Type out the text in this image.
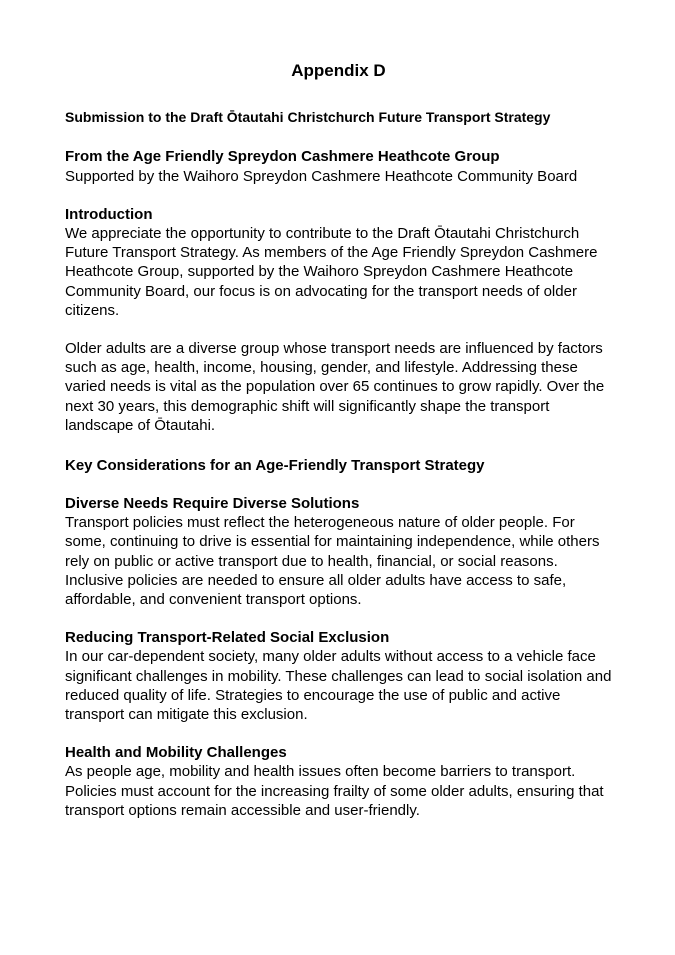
Appendix D
Submission to the Draft Ōtautahi Christchurch Future Transport Strategy

From the Age Friendly Spreydon Cashmere Heathcote Group

Supported by the Waihoro Spreydon Cashmere Heathcote Community Board

Introduction

We appreciate the opportunity to contribute to the Draft Ōtautahi Christchurch Future Transport Strategy. As members of the Age Friendly Spreydon Cashmere Heathcote Group, supported by the Waihoro Spreydon Cashmere Heathcote Community Board, our focus is on advocating for the transport needs of older citizens.

Older adults are a diverse group whose transport needs are influenced by factors such as age, health, income, housing, gender, and lifestyle. Addressing these varied needs is vital as the population over 65 continues to grow rapidly. Over the next 30 years, this demographic shift will significantly shape the transport landscape of Ōtautahi.

Key Considerations for an Age-Friendly Transport Strategy
Diverse Needs Require Diverse Solutions

Transport policies must reflect the heterogeneous nature of older people. For some, continuing to drive is essential for maintaining independence, while others rely on public or active transport due to health, financial, or social reasons. Inclusive policies are needed to ensure all older adults have access to safe, affordable, and convenient transport options.

Reducing Transport-Related Social Exclusion

In our car-dependent society, many older adults without access to a vehicle face significant challenges in mobility. These challenges can lead to social isolation and reduced quality of life. Strategies to encourage the use of public and active transport can mitigate this exclusion.

Health and Mobility Challenges

As people age, mobility and health issues often become barriers to transport. Policies must account for the increasing frailty of some older adults, ensuring that transport options remain accessible and user-friendly.
